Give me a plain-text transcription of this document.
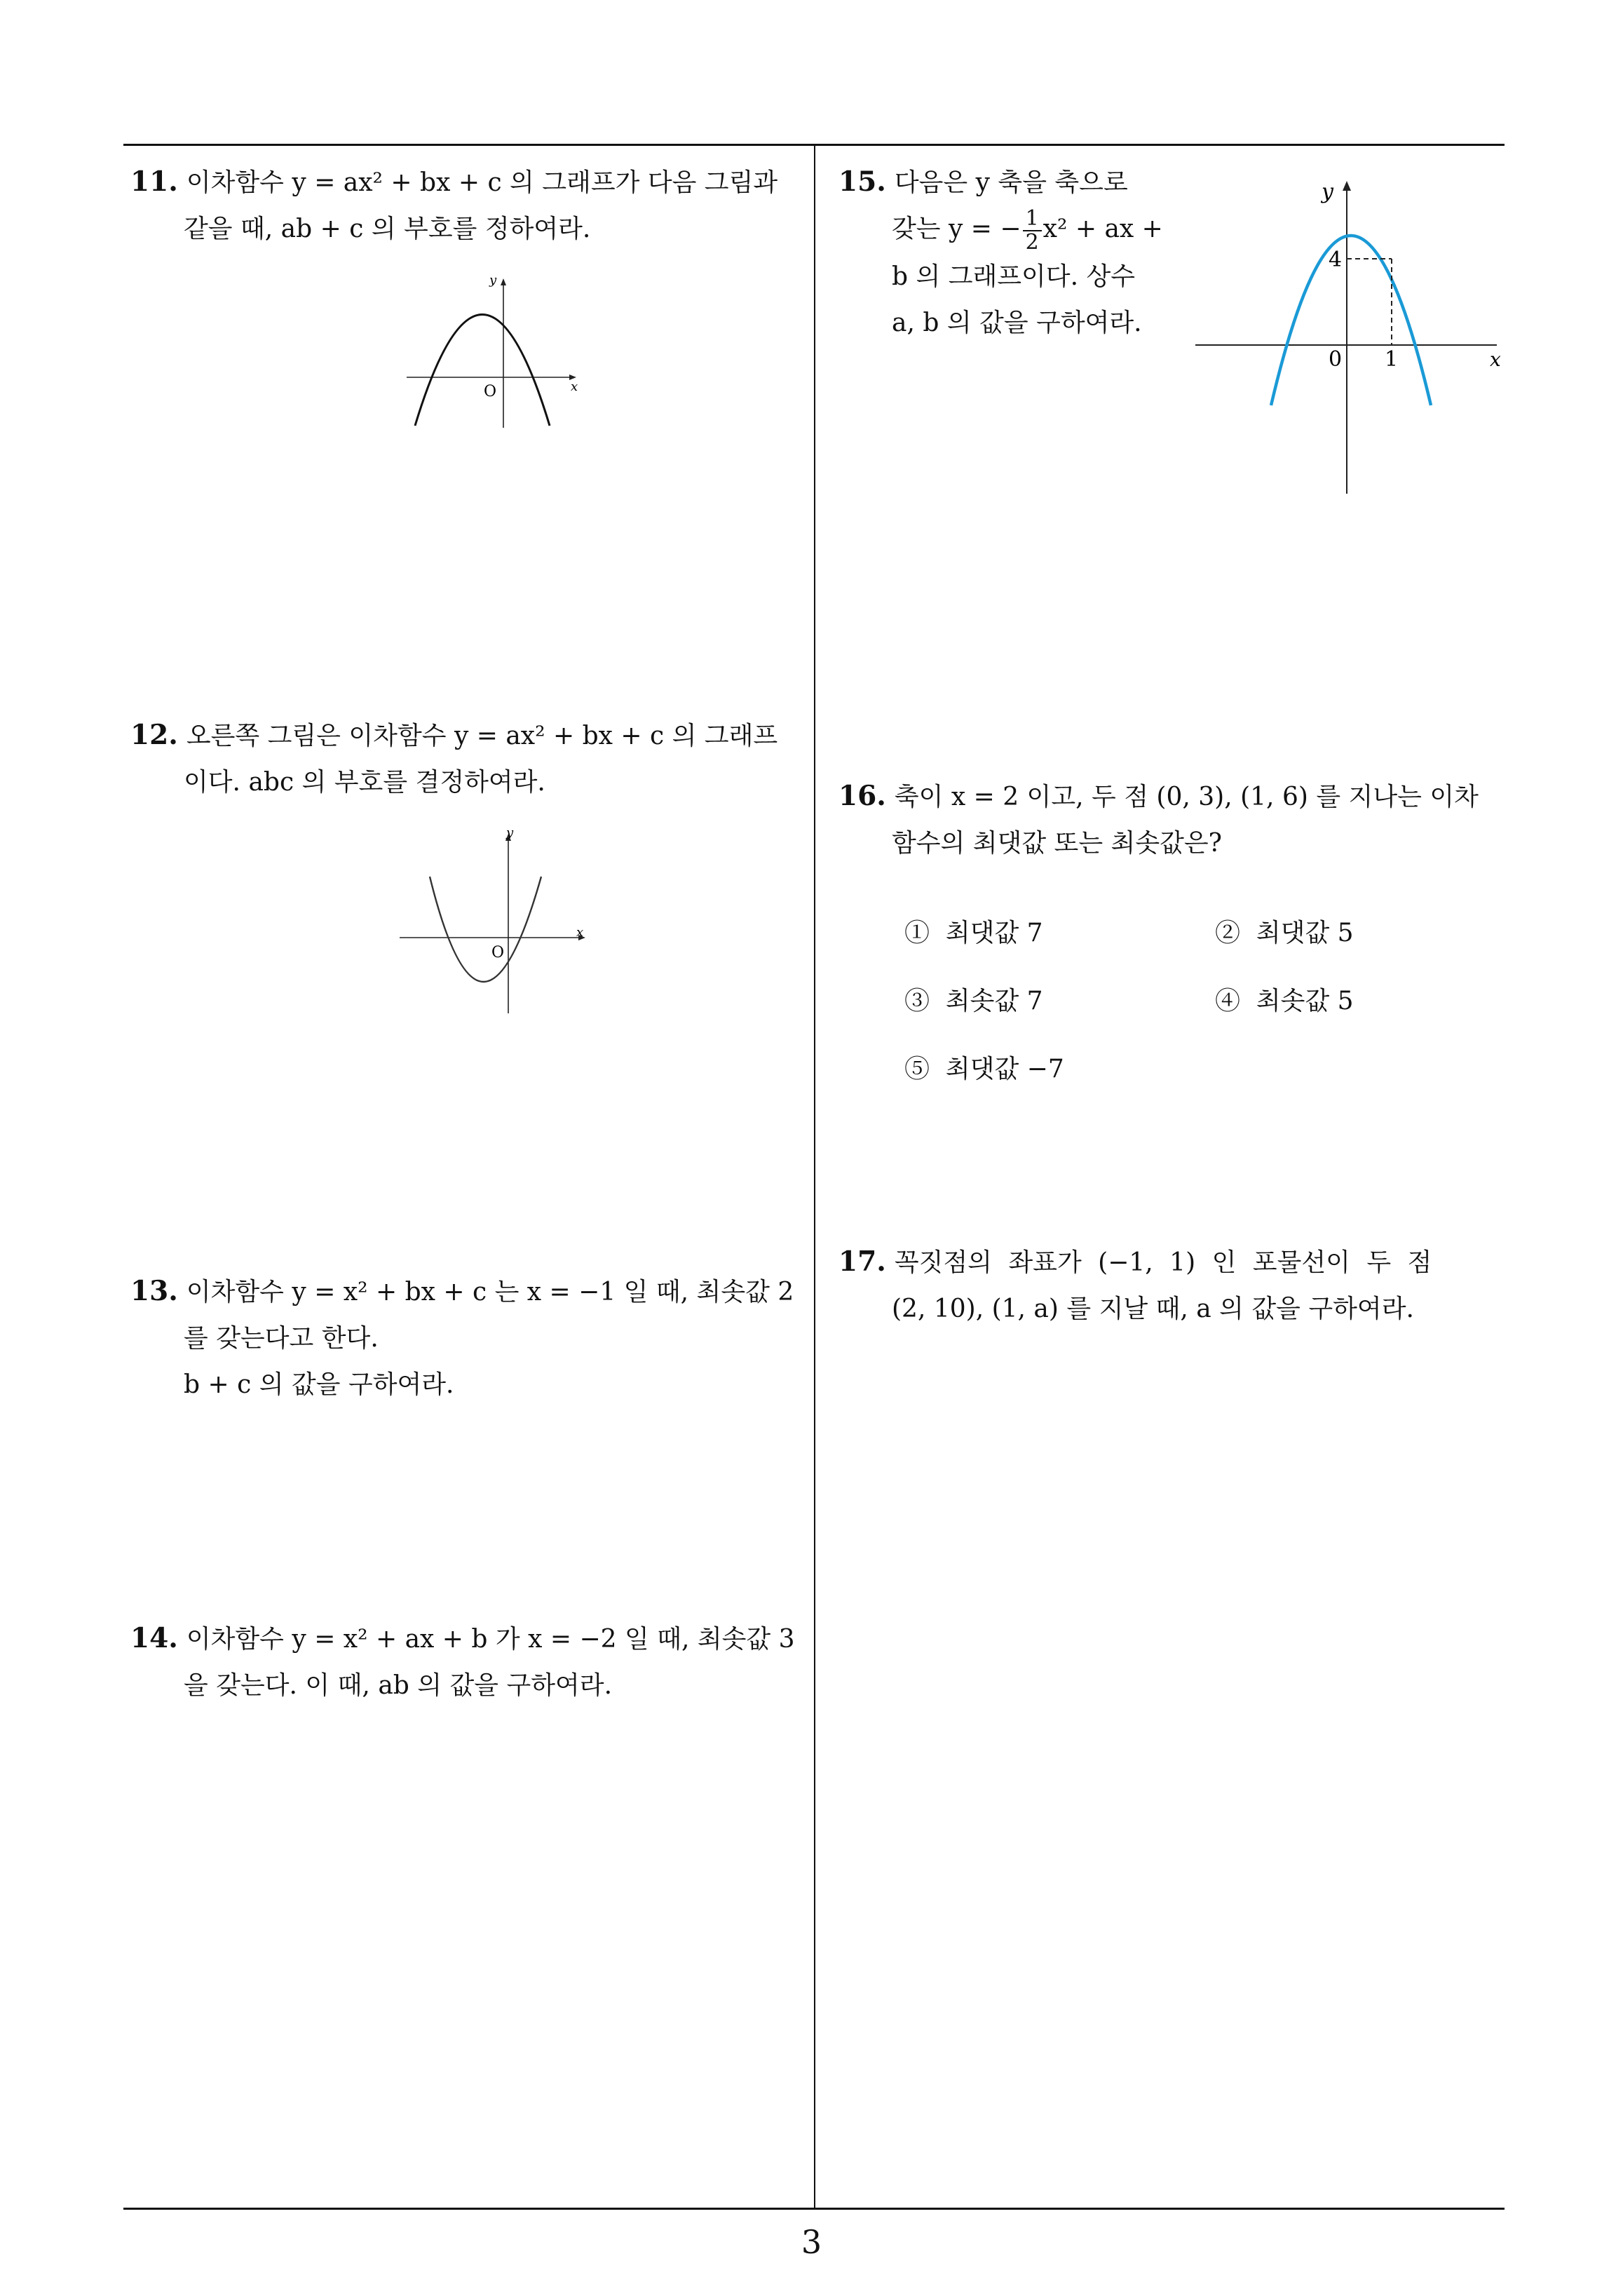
11. 이차함수 y = ax² + bx + c 의 그래프가 다음 그림과
같을 때, ab + c 의 부호를 정하여라.
y
x
O
12. 오른쪽 그림은 이차함수 y = ax² + bx + c 의 그래프
이다. abc 의 부호를 결정하여라.
y
x
O
13. 이차함수 y = x² + bx + c 는 x = −1 일 때, 최솟값 2
를 갖는다고 한다.
b + c 의 값을 구하여라.
14. 이차함수 y = x² + ax + b 가 x = −2 일 때, 최솟값 3
을 갖는다. 이 때, ab 의 값을 구하여라.
15. 다음은 y 축을 축으로
갖는 y = − $\frac{1}{2} x^2$ + ax +
b 의 그래프이다. 상수
a, b 의 값을 구하여라.
y
x
0 1
4
16. 축이 x = 2 이고, 두 점 (0, 3), (1, 6) 를 지나는 이차
함수의 최댓값 또는 최솟값은?
① 최댓값 7	② 최댓값 5
③ 최솟값 7	④ 최솟값 5
⑤ 최댓값 −7
17. 꼭짓점의 좌표가 (−1, 1) 인 포물선이 두 점
(2, 10), (1, a) 를 지날 때, a 의 값을 구하여라.
3
